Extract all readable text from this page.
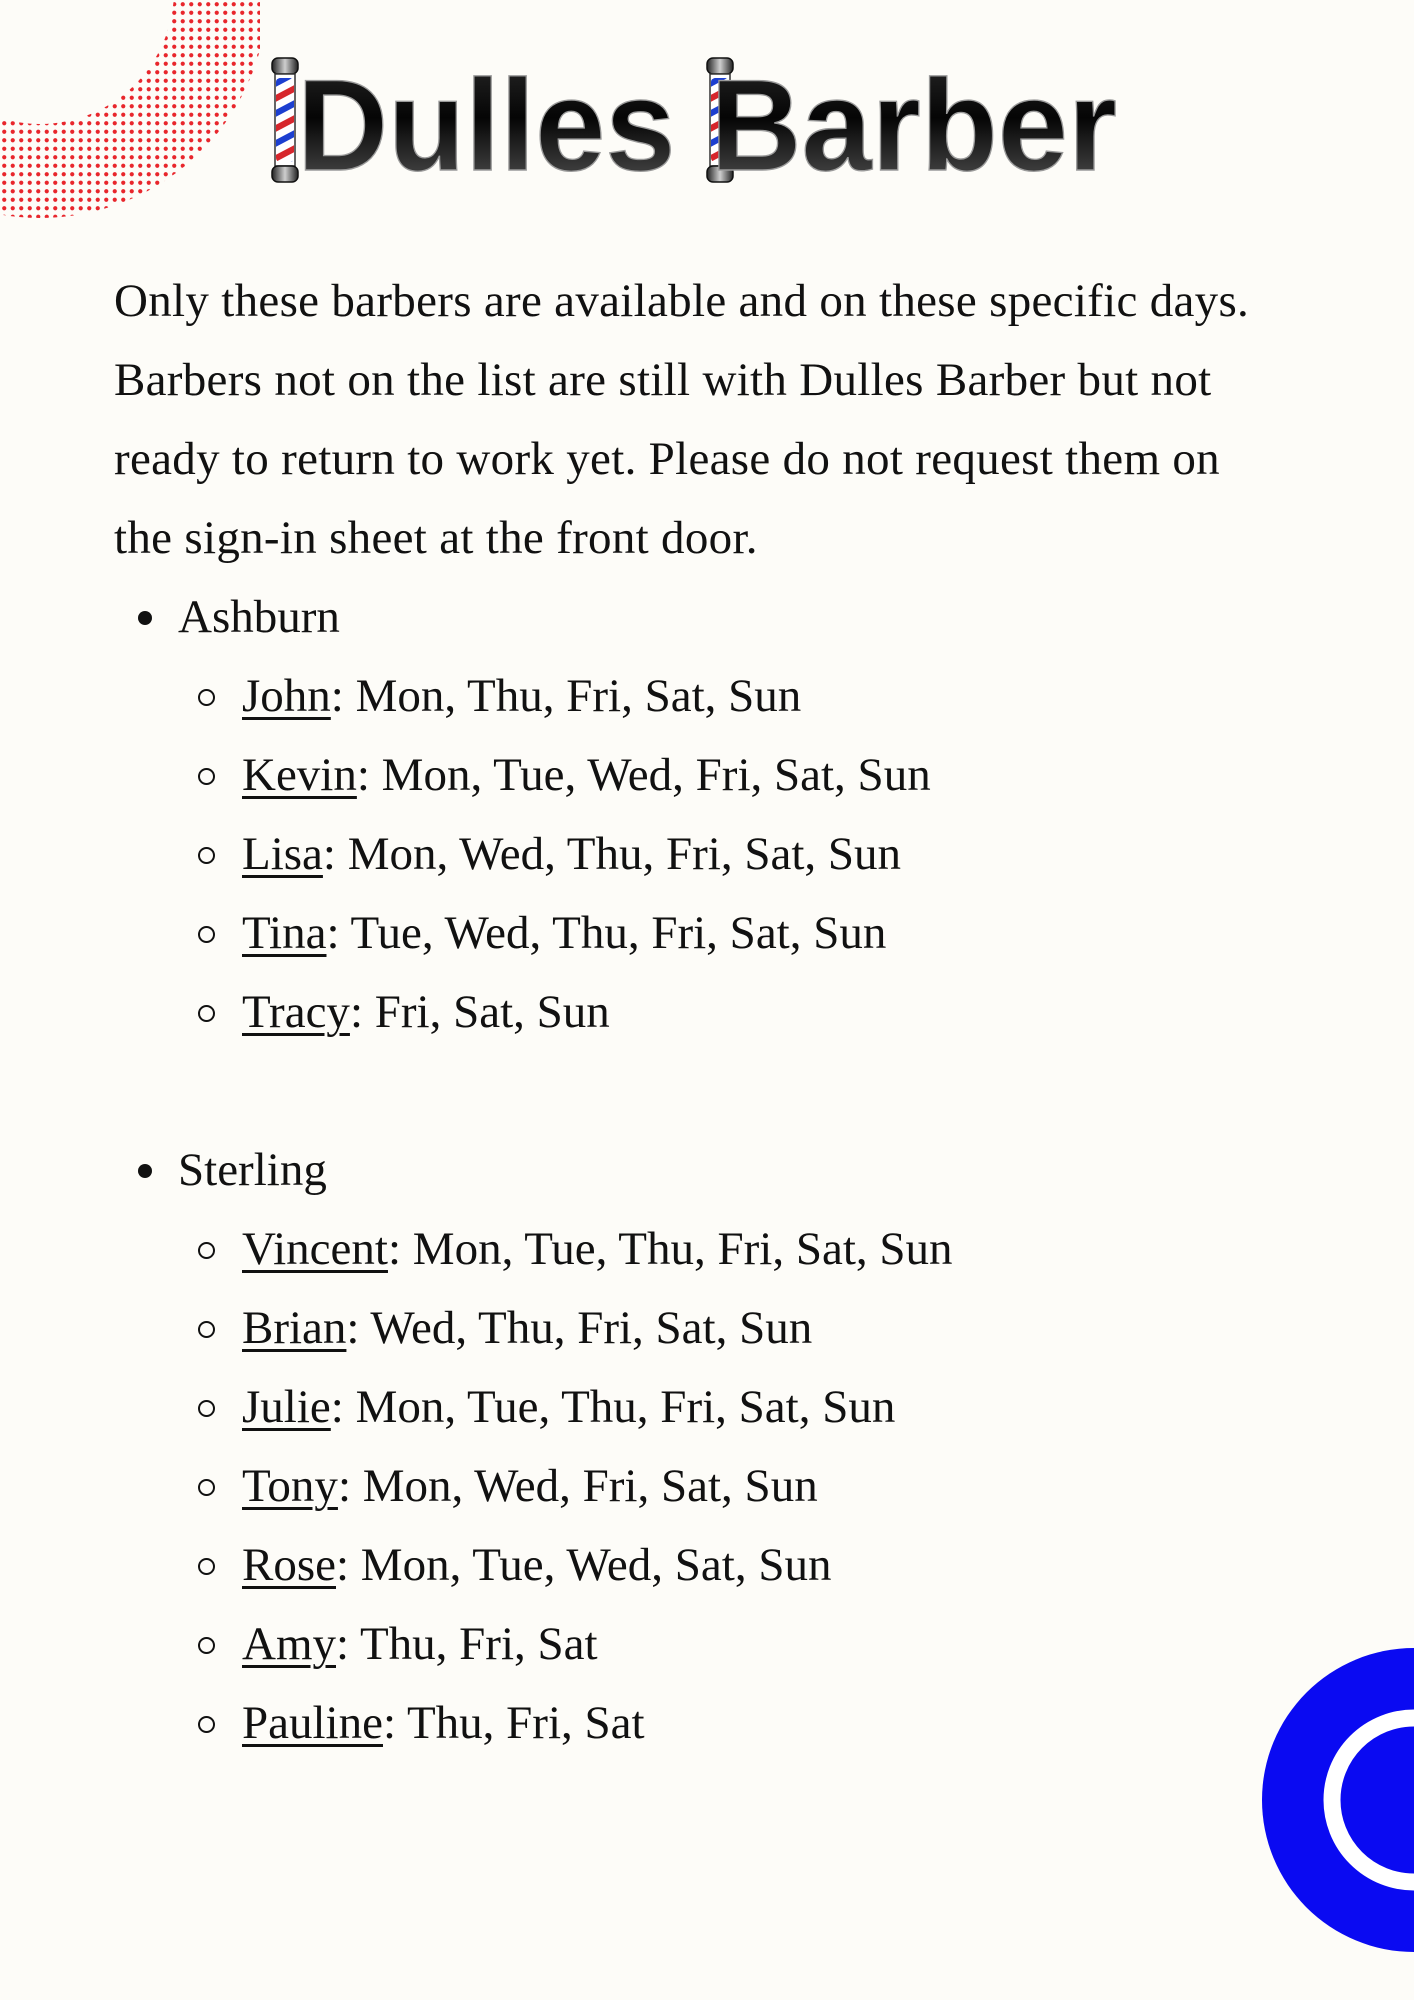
Dulles Barber

Only these barbers are available and on these specific days. Barbers not on the list are still with Dulles Barber but not ready to return to work yet. Please do not request them on the sign-in sheet at the front door.

Ashburn
John: Mon, Thu, Fri, Sat, Sun
Kevin: Mon, Tue, Wed, Fri, Sat, Sun
Lisa: Mon, Wed, Thu, Fri, Sat, Sun
Tina: Tue, Wed, Thu, Fri, Sat, Sun
Tracy: Fri, Sat, Sun
Sterling
Vincent: Mon, Tue, Thu, Fri, Sat, Sun
Brian: Wed, Thu, Fri, Sat, Sun
Julie: Mon, Tue, Thu, Fri, Sat, Sun
Tony: Mon, Wed, Fri, Sat, Sun
Rose: Mon, Tue, Wed, Sat, Sun
Amy: Thu, Fri, Sat
Pauline: Thu, Fri, Sat
